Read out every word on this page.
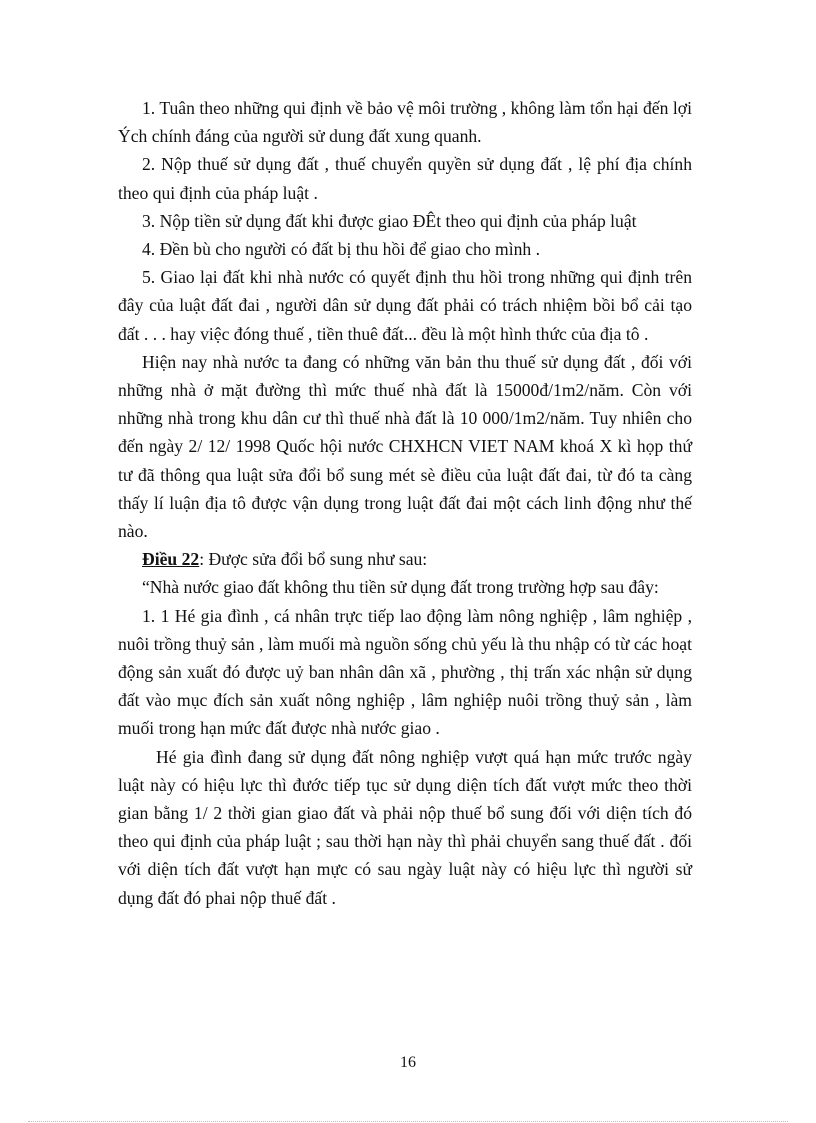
1. Tuân theo những qui định về bảo vệ môi trường , không làm tổn hại đến lợi Ých chính đáng của người sử dung đất xung quanh.

2. Nộp thuế sử dụng đất , thuế chuyển quyền sử dụng đất , lệ phí địa chính theo qui định của pháp luật .

3. Nộp tiền sử dụng đất khi được giao ĐÊt theo qui định của pháp luật

4. Đền bù cho người có đất bị thu hồi để giao cho mình .

5. Giao lại đất khi nhà nước có quyết định thu hồi trong những qui định trên đây của luật đất đai , người dân sử dụng đất phải có trách nhiệm bồi bổ cải tạo đất . . . hay việc đóng thuế , tiền thuê đất... đều là một hình thức của địa tô .

Hiện nay nhà nước ta đang có những văn bản thu thuế sử dụng đất , đối với những nhà ở mặt đường thì mức thuế nhà đất là 15000đ/1m2/năm. Còn với những nhà trong khu dân cư thì thuế nhà đất là 10 000/1m2/năm. Tuy nhiên cho đến ngày 2/ 12/ 1998 Quốc hội nước CHXHCN VIET NAM khoá X kì họp thứ tư đã thông qua luật sửa đổi bổ sung mét sè điều của luật đất đai, từ đó ta càng thấy lí luận địa tô được vận dụng trong luật đất đai một cách linh động như thế nào.

Điều 22: Được sửa đổi bổ sung như sau:

“Nhà nước giao đất không thu tiền sử dụng đất trong trường hợp sau đây:

1. 1 Hé gia đình , cá nhân trực tiếp lao động làm nông nghiệp , lâm nghiệp , nuôi trồng thuỷ sản , làm muối mà nguồn sống chủ yếu là thu nhập có từ các hoạt động sản xuất đó được uỷ ban nhân dân xã , phường , thị trấn xác nhận sử dụng đất vào mục đích sản xuất nông nghiệp , lâm nghiệp nuôi trồng thuỷ sản , làm muối trong hạn mức đất được nhà nước giao .

Hé gia đình đang sử dụng đất nông nghiệp vượt quá hạn mức trước ngày luật này có hiệu lực thì đước tiếp tục sử dụng diện tích đất vượt mức theo thời gian bằng 1/ 2 thời gian giao đất và phải nộp thuế bổ sung đối với diện tích đó theo qui định của pháp luật ; sau thời hạn này thì phải chuyển sang thuế đất . đối với diện tích đất vượt hạn mực có sau ngày luật này có hiệu lực thì người sử dụng đất đó phai nộp thuế đất .

16
